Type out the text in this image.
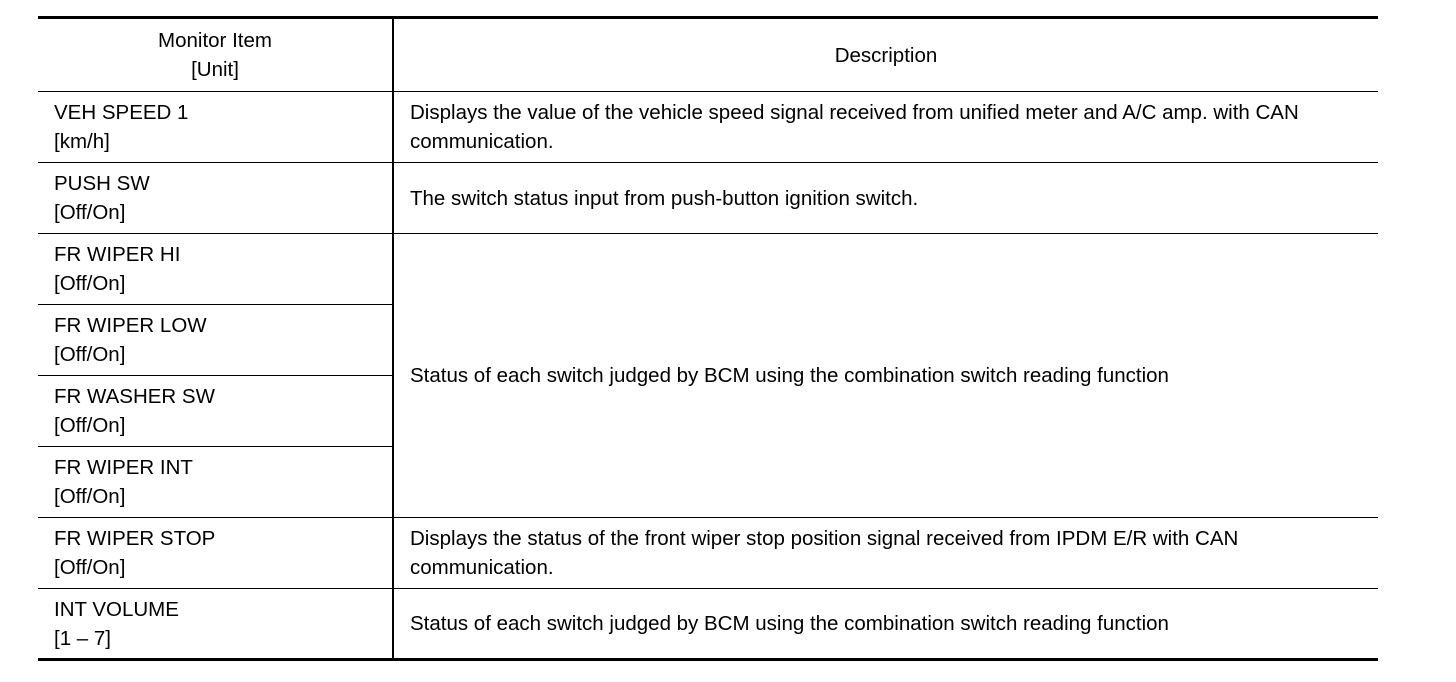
Monitor Item
[Unit]	Description

VEH SPEED 1
[km/h]	Displays the value of the vehicle speed signal received from unified meter and A/C amp. with CAN communication.

PUSH SW
[Off/On]	The switch status input from push-button ignition switch.

FR WIPER HI
[Off/On]	Status of each switch judged by BCM using the combination switch reading function

FR WIPER LOW
[Off/On]	

FR WASHER SW
[Off/On]	

FR WIPER INT
[Off/On]	

FR WIPER STOP
[Off/On]	Displays the status of the front wiper stop position signal received from IPDM E/R with CAN communication.

INT VOLUME
[1 – 7]	Status of each switch judged by BCM using the combination switch reading function
